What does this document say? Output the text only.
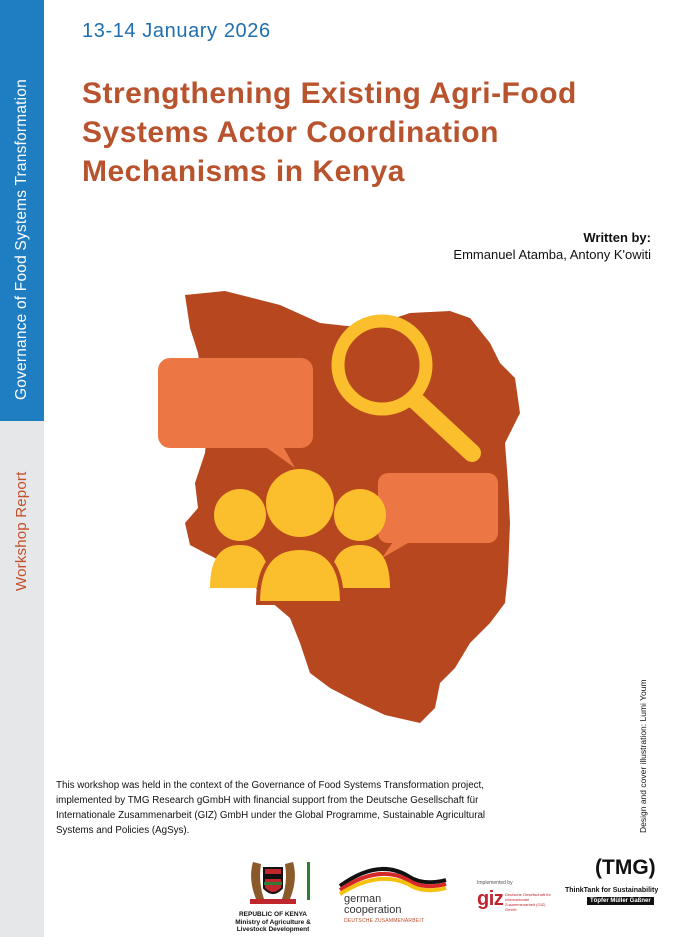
Governance of Food Systems Transformation
Workshop Report
13-14 January 2026
Strengthening Existing Agri-Food Systems Actor Coordination Mechanisms in Kenya
Written by:
Emmanuel Atamba, Antony K'owiti
Design and cover illustration: Lumi Youm

This workshop was held in the context of the Governance of Food Systems Transformation project, implemented by TMG Research gGmbH with financial support from the Deutsche Gesellschaft für Internationale Zusammenarbeit (GIZ) GmbH under the Global Programme, Sustainable Agricultural Systems and Policies (AgSys).

REPUBLIC OF KENYA
Ministry of Agriculture &
Livestock Development
german
cooperation
DEUTSCHE ZUSAMMENARBEIT
Implemented by
giz Deutsche Gesellschaft für Internationale Zusammenarbeit (GIZ) GmbH
(TMG)
ThinkTank for Sustainability
Töpfer Müller Gaßner
